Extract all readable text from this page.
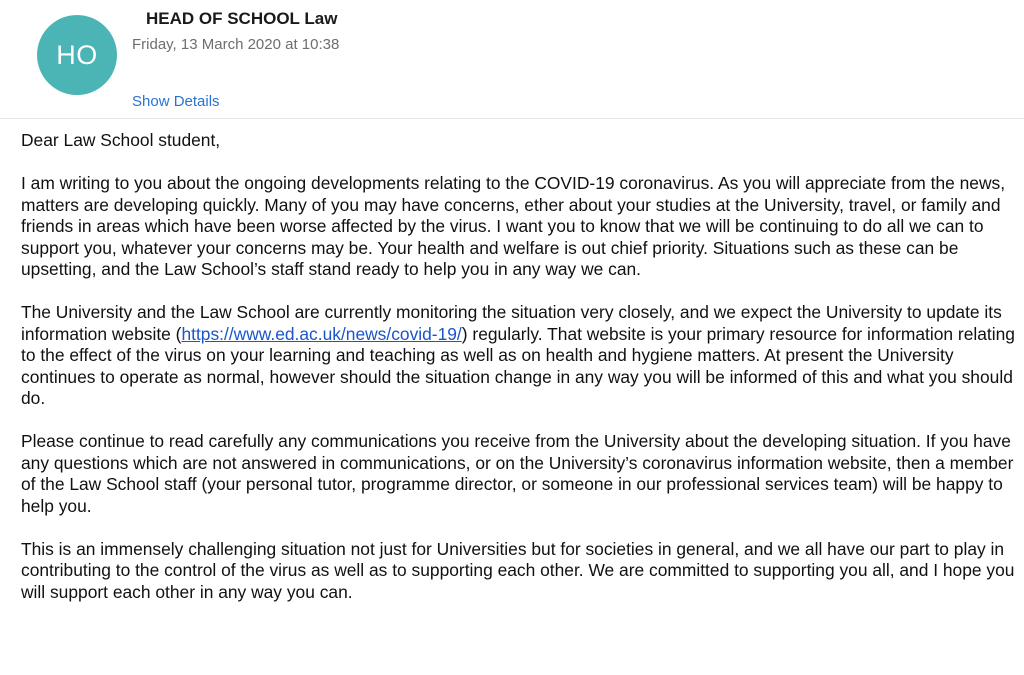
HO
HEAD OF SCHOOL Law
Friday, 13 March 2020 at 10:38
Show Details

Dear Law School student,

I am writing to you about the ongoing developments relating to the COVID-19 coronavirus. As you will appreciate from the news, matters are developing quickly. Many of you may have concerns, ether about your studies at the University, travel, or family and friends in areas which have been worse affected by the virus. I want you to know that we will be continuing to do all we can to support you, whatever your concerns may be. Your health and welfare is out chief priority. Situations such as these can be upsetting, and the Law School’s staff stand ready to help you in any way we can.

The University and the Law School are currently monitoring the situation very closely, and we expect the University to update its information website (https://www.ed.ac.uk/news/covid-19/) regularly. That website is your primary resource for information relating to the effect of the virus on your learning and teaching as well as on health and hygiene matters. At present the University continues to operate as normal, however should the situation change in any way you will be informed of this and what you should do.

Please continue to read carefully any communications you receive from the University about the developing situation. If you have any questions which are not answered in communications, or on the University’s coronavirus information website, then a member of the Law School staff (your personal tutor, programme director, or someone in our professional services team) will be happy to help you.

This is an immensely challenging situation not just for Universities but for societies in general, and we all have our part to play in contributing to the control of the virus as well as to supporting each other. We are committed to supporting you all, and I hope you will support each other in any way you can.
